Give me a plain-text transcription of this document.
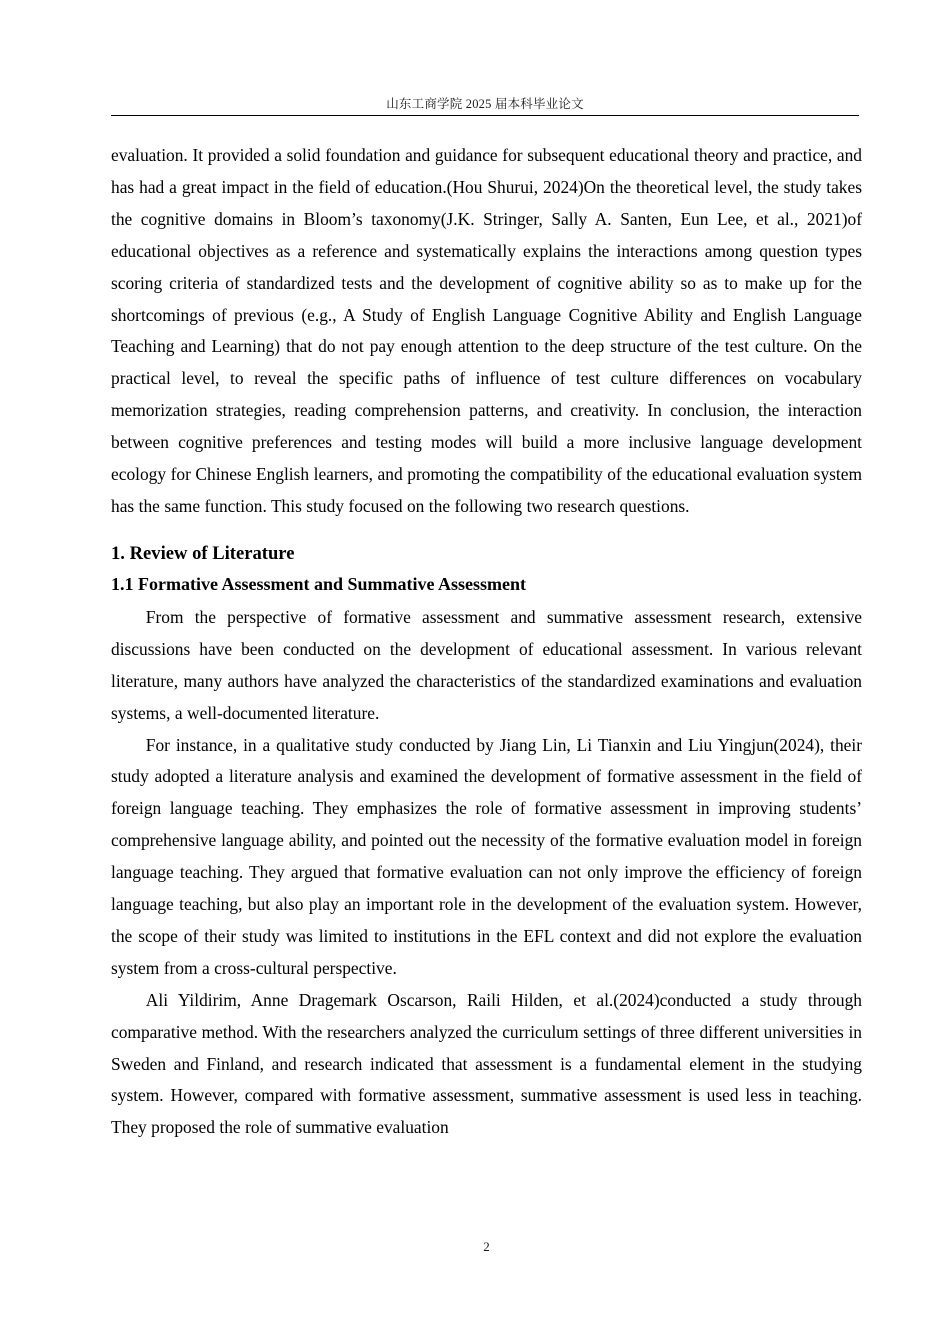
山东工商学院 2025 届本科毕业论文

evaluation. It provided a solid foundation and guidance for subsequent educational theory and practice, and has had a great impact in the field of education.(Hou Shurui, 2024)On the theoretical level, the study takes the cognitive domains in Bloom’s taxonomy(J.K. Stringer, Sally A. Santen, Eun Lee, et al., 2021)of educational objectives as a reference and systematically explains the interactions among question types scoring criteria of standardized tests and the development of cognitive ability so as to make up for the shortcomings of previous (e.g., A Study of English Language Cognitive Ability and English Language Teaching and Learning) that do not pay enough attention to the deep structure of the test culture. On the practical level, to reveal the specific paths of influence of test culture differences on vocabulary memorization strategies, reading comprehension patterns, and creativity. In conclusion, the interaction between cognitive preferences and testing modes will build a more inclusive language development ecology for Chinese English learners, and promoting the compatibility of the educational evaluation system has the same function. This study focused on the following two research questions.

1. Review of Literature
1.1 Formative Assessment and Summative Assessment

From the perspective of formative assessment and summative assessment research, extensive discussions have been conducted on the development of educational assessment. In various relevant literature, many authors have analyzed the characteristics of the standardized examinations and evaluation systems, a well-documented literature.

For instance, in a qualitative study conducted by Jiang Lin, Li Tianxin and Liu Yingjun(2024), their study adopted a literature analysis and examined the development of formative assessment in the field of foreign language teaching. They emphasizes the role of formative assessment in improving students’ comprehensive language ability, and pointed out the necessity of the formative evaluation model in foreign language teaching. They argued that formative evaluation can not only improve the efficiency of foreign language teaching, but also play an important role in the development of the evaluation system. However, the scope of their study was limited to institutions in the EFL context and did not explore the evaluation system from a cross-cultural perspective.

Ali Yildirim, Anne Dragemark Oscarson, Raili Hilden, et al.(2024)conducted a study through comparative method. With the researchers analyzed the curriculum settings of three different universities in Sweden and Finland, and research indicated that assessment is a fundamental element in the studying system. However, compared with formative assessment, summative assessment is used less in teaching. They proposed the role of summative evaluation

2
